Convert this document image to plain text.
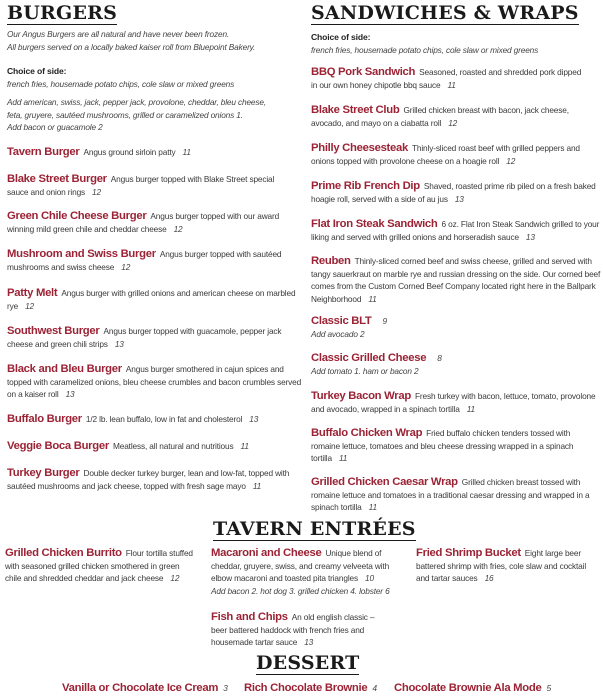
BURGERS
Our Angus Burgers are all natural and have never been frozen.
All burgers served on a locally baked kaiser roll from Bluepoint Bakery.
Choice of side:
french fries, housemade potato chips, cole slaw or mixed greens
Add american, swiss, jack, pepper jack, provolone, cheddar, bleu cheese,
feta, gruyere, sautéed mushrooms, grilled or caramelized onions 1.
Add bacon or guacamole 2
SANDWICHES & WRAPS
Choice of side:
french fries, housemade potato chips, cole slaw or mixed greens
TAVERN ENTRÉES
DESSERT
Tavern Burger Angus ground sirloin patty 11
Blake Street Burger Angus burger topped with Blake Street special sauce and onion rings 12
Green Chile Cheese Burger Angus burger topped with our award winning mild green chile and cheddar cheese 12
Mushroom and Swiss Burger Angus burger topped with sautéed mushrooms and swiss cheese 12
Patty Melt Angus burger with grilled onions and american cheese on marbled rye 12
Southwest Burger Angus burger topped with guacamole, pepper jack cheese and green chili strips 13
Black and Bleu Burger Angus burger smothered in cajun spices and topped with caramelized onions, bleu cheese crumbles and bacon crumbles served on a kaiser roll 13
Buffalo Burger 1/2 lb. lean buffalo, low in fat and cholesterol 13
Veggie Boca Burger Meatless, all natural and nutritious 11
Turkey Burger Double decker turkey burger, lean and low-fat, topped with sautéed mushrooms and jack cheese, topped with fresh sage mayo 11
BBQ Pork Sandwich Seasoned, roasted and shredded pork dipped in our own honey chipotle bbq sauce 11
Blake Street Club Grilled chicken breast with bacon, jack cheese, avocado, and mayo on a ciabatta roll 12
Philly Cheesesteak Thinly-sliced roast beef with grilled peppers and onions topped with provolone cheese on a hoagie roll 12
Prime Rib French Dip Shaved, roasted prime rib piled on a fresh baked hoagie roll, served with a side of au jus 13
Flat Iron Steak Sandwich 6 oz. Flat Iron Steak Sandwich grilled to your liking and served with grilled onions and horseradish sauce 13
Reuben Thinly-sliced corned beef and swiss cheese, grilled and served with tangy sauerkraut on marble rye and russian dressing on the side. Our corned beef comes from the Custom Corned Beef Company located right here in the Ballpark Neighborhood 11
Classic BLT 9
Add avocado 2
Classic Grilled Cheese 8
Add tomato 1. ham or bacon 2
Turkey Bacon Wrap Fresh turkey with bacon, lettuce, tomato, provolone and avocado, wrapped in a spinach tortilla 11
Buffalo Chicken Wrap Fried buffalo chicken tenders tossed with romaine lettuce, tomatoes and bleu cheese dressing wrapped in a spinach tortilla 11
Grilled Chicken Caesar Wrap Grilled chicken breast tossed with romaine lettuce and tomatoes in a traditional caesar dressing and wrapped in a spinach tortilla 11
Grilled Chicken Burrito Flour tortilla stuffed with seasoned grilled chicken smothered in green chile and shredded cheddar and jack cheese 12
Macaroni and Cheese Unique blend of cheddar, gruyere, swiss, and creamy velveeta with elbow macaroni and toasted pita triangles 10
Add bacon 2. hot dog 3. grilled chicken 4. lobster 6
Fried Shrimp Bucket Eight large beer battered shrimp with fries, cole slaw and cocktail and tartar sauces 16
Fish and Chips An old english classic – beer battered haddock with french fries and housemade tartar sauce 13
Vanilla or Chocolate Ice Cream 3 Rich Chocolate Brownie 4 Chocolate Brownie Ala Mode 5
